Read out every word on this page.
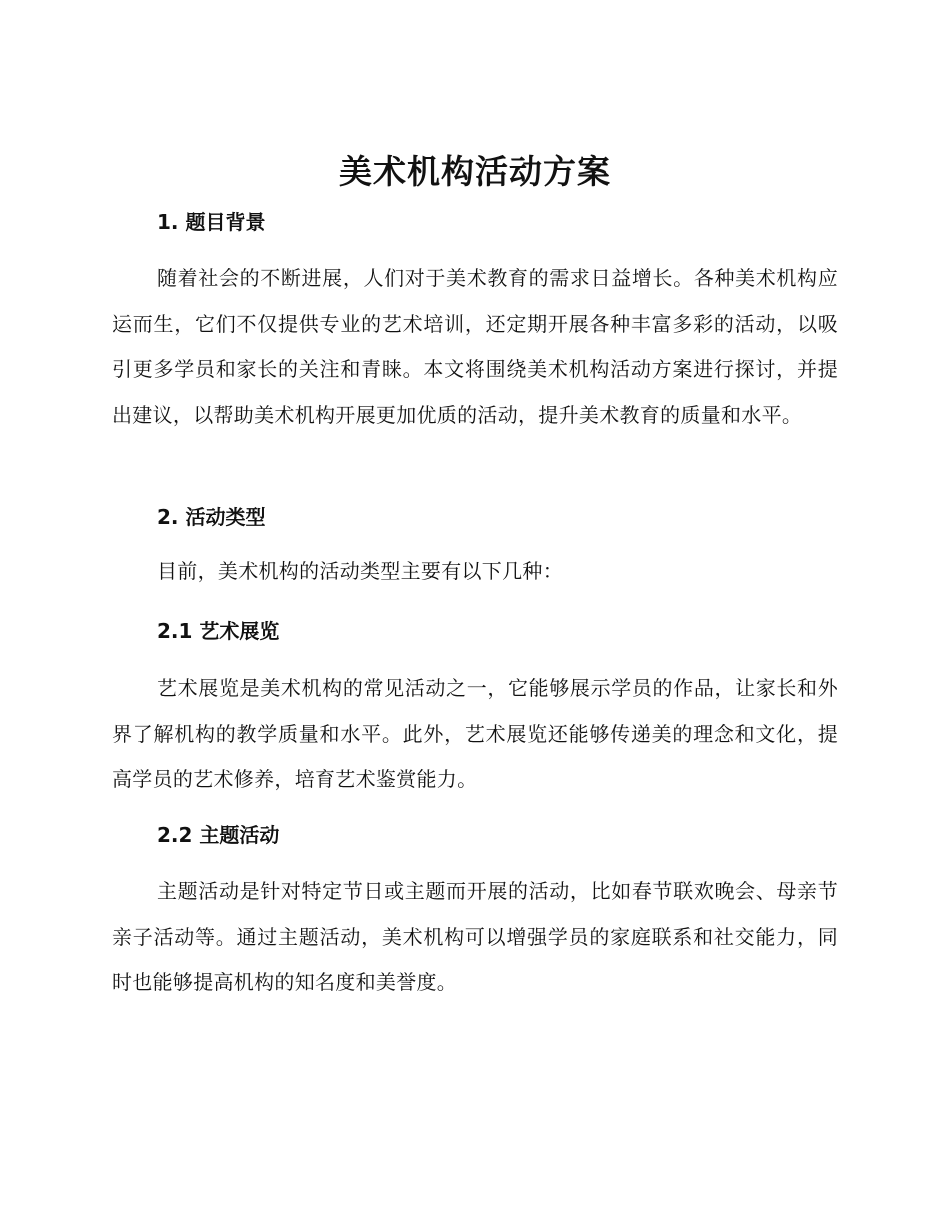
美术机构活动方案
1. 题目背景
随着社会的不断进展，人们对于美术教育的需求日益增长。各种美术机构应运而生，它们不仅提供专业的艺术培训，还定期开展各种丰富多彩的活动，以吸引更多学员和家长的关注和青睐。本文将围绕美术机构活动方案进行探讨，并提出建议，以帮助美术机构开展更加优质的活动，提升美术教育的质量和水平。
2. 活动类型
目前，美术机构的活动类型主要有以下几种：
2.1 艺术展览
艺术展览是美术机构的常见活动之一，它能够展示学员的作品，让家长和外界了解机构的教学质量和水平。此外，艺术展览还能够传递美的理念和文化，提高学员的艺术修养，培育艺术鉴赏能力。
2.2 主题活动
主题活动是针对特定节日或主题而开展的活动，比如春节联欢晚会、母亲节亲子活动等。通过主题活动，美术机构可以增强学员的家庭联系和社交能力，同时也能够提高机构的知名度和美誉度。
